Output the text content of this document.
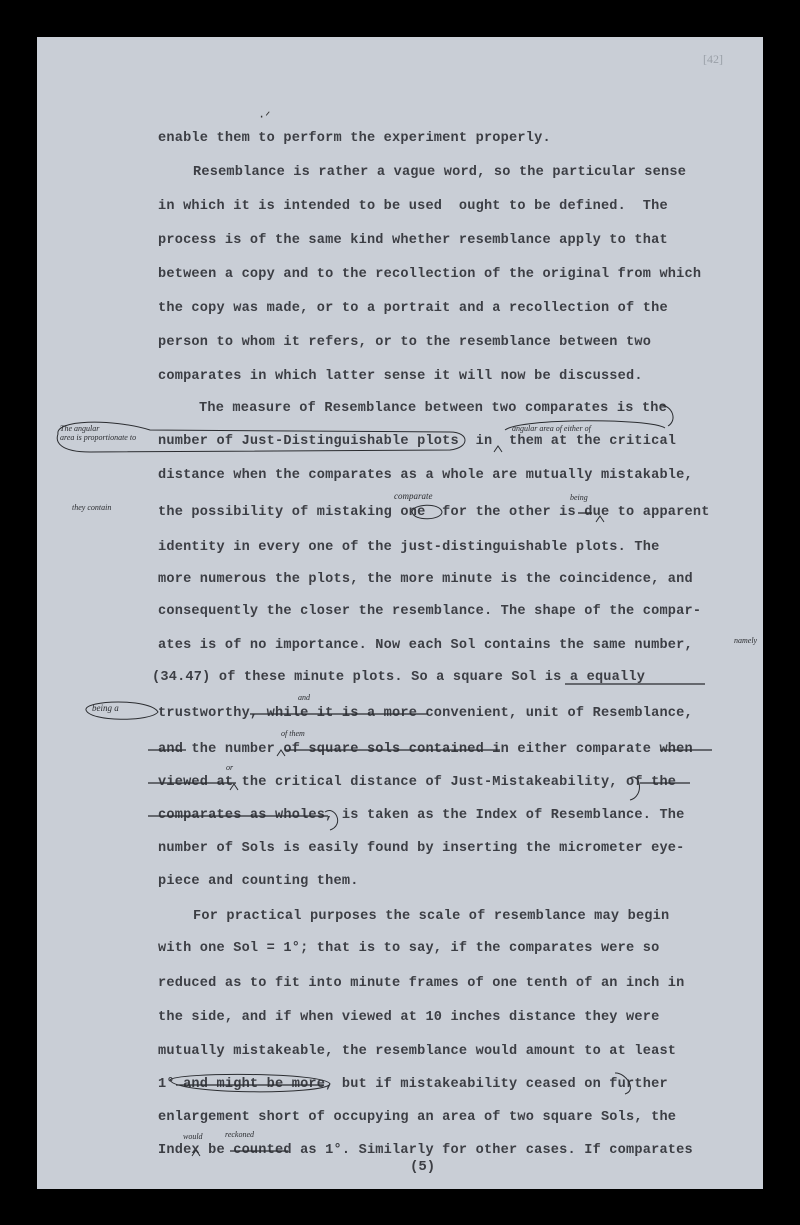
[42]
·ᐟ

enable them to perform the experiment properly.

Resemblance is rather a vague word, so the particular sense

in which it is intended to be used  ought to be defined.  The

process is of the same kind whether resemblance apply to that

between a copy and to the recollection of the original from which

the copy was made, or to a portrait and a recollection of the

person to whom it refers, or to the resemblance between two

comparates in which latter sense it will now be discussed.

The measure of Resemblance between two comparates is the

number of Just-Distinguishable plots  in  them at the critical

distance when the comparates as a whole are mutually mistakable,

the possibility of mistaking one  for the other is due to apparent

identity in every one of the just-distinguishable plots. The

more numerous the plots, the more minute is the coincidence, and

consequently the closer the resemblance. The shape of the compar-

ates is of no importance. Now each Sol contains the same number,

(34.47) of these minute plots. So a square Sol is a equally

trustworthy, while it is a more convenient, unit of Resemblance,

and the number of square sols contained in either comparate when

viewed at the critical distance of Just-Mistakeability, of the

comparates as wholes, is taken as the Index of Resemblance. The

number of Sols is easily found by inserting the micrometer eye-

piece and counting them.

For practical purposes the scale of resemblance may begin

with one Sol = 1°; that is to say, if the comparates were so

reduced as to fit into minute frames of one tenth of an inch in

the side, and if when viewed at 10 inches distance they were

mutually mistakeable, the resemblance would amount to at least

1° and might be more, but if mistakeability ceased on further

enlargement short of occupying an area of two square Sols, the

Index be counted as 1°. Similarly for other cases. If comparates

(5)

The angular
area is proportionate to

they contain

being a

angular area of either of

comparate	being

namely

and

of them

or

would	reckoned
